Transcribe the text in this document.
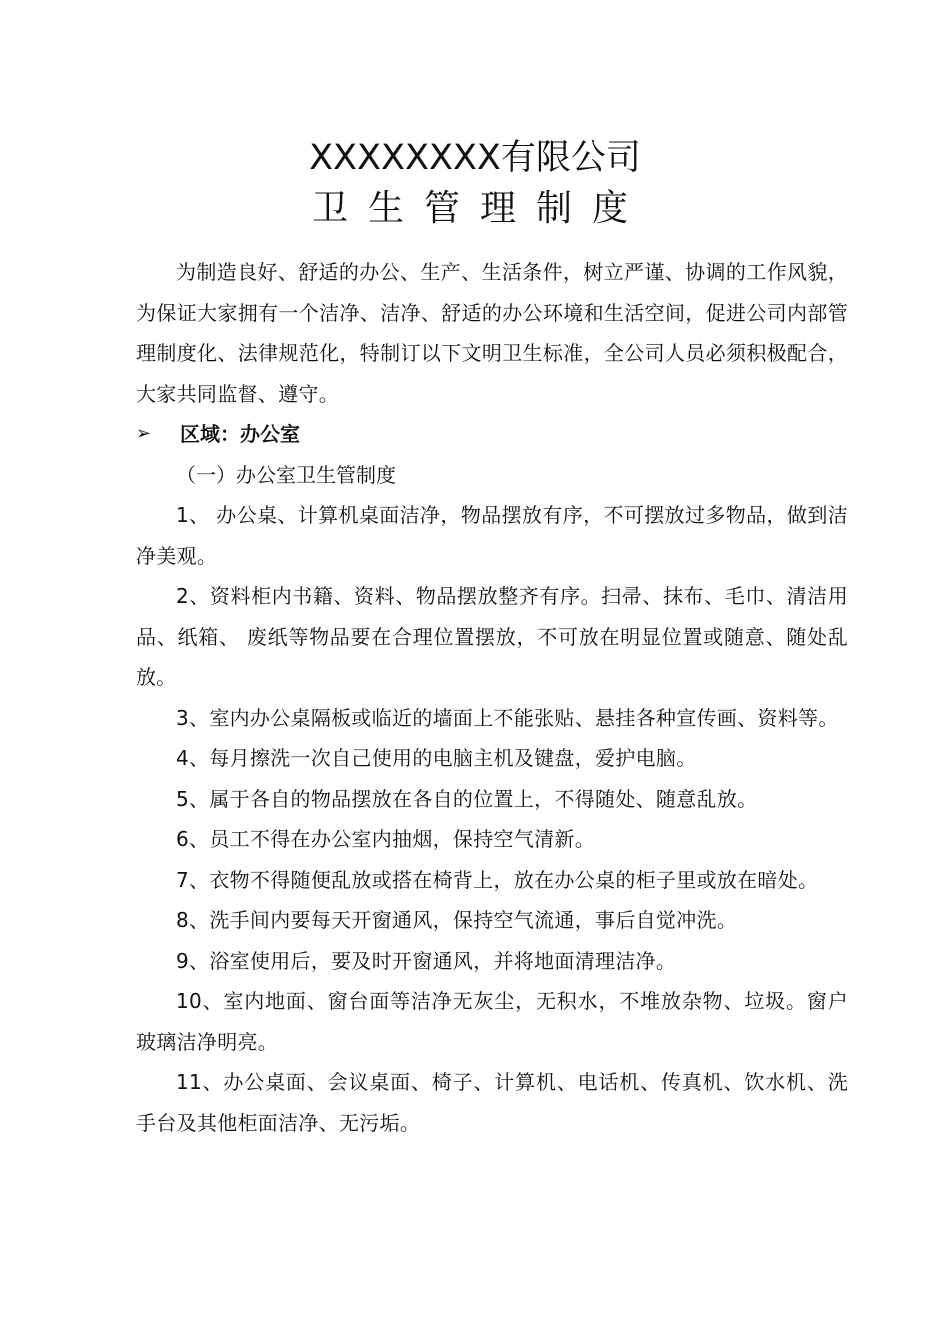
XXXXXXXX有限公司
卫生管理制度

为制造良好、舒适的办公、生产、生活条件，树立严谨、协调的工作风貌，为保证大家拥有一个洁净、洁净、舒适的办公环境和生活空间，促进公司内部管理制度化、法律规范化，特制订以下文明卫生标准，全公司人员必须积极配合，大家共同监督、遵守。

➢	区域：办公室

（一）办公室卫生管制度

1、 办公桌、计算机桌面洁净，物品摆放有序，不可摆放过多物品，做到洁净美观。

2、资料柜内书籍、资料、物品摆放整齐有序。扫帚、抹布、毛巾、清洁用品、纸箱、 废纸等物品要在合理位置摆放，不可放在明显位置或随意、随处乱放。

3、室内办公桌隔板或临近的墙面上不能张贴、悬挂各种宣传画、资料等。

4、每月擦洗一次自己使用的电脑主机及键盘，爱护电脑。

5、属于各自的物品摆放在各自的位置上，不得随处、随意乱放。

6、员工不得在办公室内抽烟，保持空气清新。

7、衣物不得随便乱放或搭在椅背上，放在办公桌的柜子里或放在暗处。

8、洗手间内要每天开窗通风，保持空气流通，事后自觉冲洗。

9、浴室使用后，要及时开窗通风，并将地面清理洁净。

10、室内地面、窗台面等洁净无灰尘，无积水，不堆放杂物、垃圾。窗户玻璃洁净明亮。

11、办公桌面、会议桌面、椅子、计算机、电话机、传真机、饮水机、洗手台及其他柜面洁净、无污垢。
